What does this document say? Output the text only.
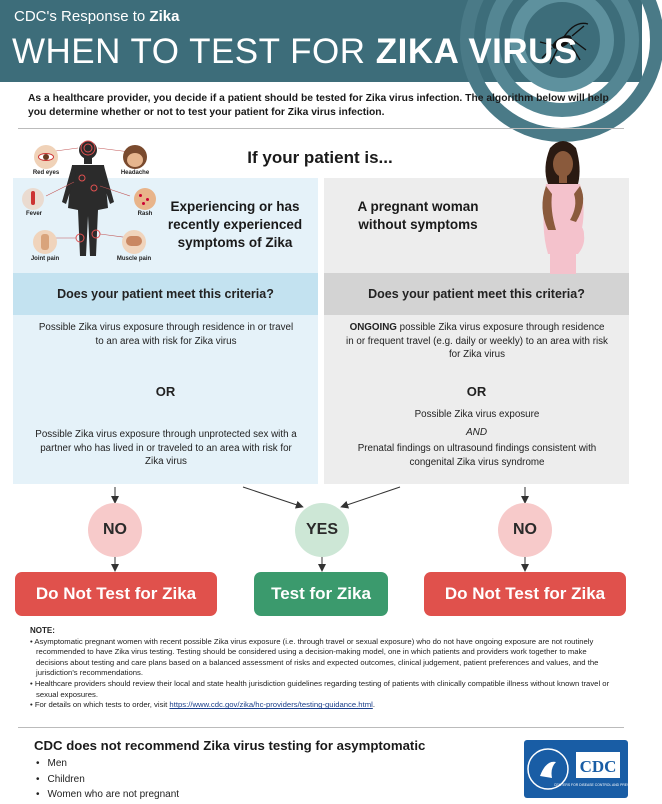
CDC's Response to Zika
WHEN TO TEST FOR ZIKA VIRUS
As a healthcare provider, you decide if a patient should be tested for Zika virus infection. The algorithm below will help you determine whether or not to test your patient for Zika virus infection.
Does your patient meet this criteria?
Possible Zika virus exposure through residence in or travel to an area with risk for Zika virus
OR
Possible Zika virus exposure through unprotected sex with a partner who has lived in or traveled to an area with risk for Zika virus
Does your patient meet this criteria?
ONGOING possible Zika virus exposure through residence in or frequent travel (e.g. daily or weekly) to an area with risk for Zika virus
OR
Possible Zika virus exposure
AND
Prenatal findings on ultrasound findings consistent with congenital Zika virus syndrome
Red eyes	Headache
Fever	Rash
Joint pain	Muscle pain
If your patient is...
Experiencing or has recently experienced symptoms of Zika
A pregnant woman without symptoms
NO	YES	NO
Do Not Test for Zika	Test for Zika	Do Not Test for Zika
NOTE:
• Asymptomatic pregnant women with recent possible Zika virus exposure (i.e. through travel or sexual exposure) who do not have ongoing exposure are not routinely recommended to have Zika virus testing. Testing should be considered using a decision-making model, one in which patients and providers work together to make decisions about testing and care plans based on a balanced assessment of risks and expected outcomes, clinical judgement, patient preferences and values, and the jurisdiction's recommendations.
• Healthcare providers should review their local and state health jurisdiction guidelines regarding testing of patients with clinically compatible illness without known travel or sexual exposures.
• For details on which tests to order, visit https://www.cdc.gov/zika/hc-providers/testing-guidance.html.
CDC does not recommend Zika virus testing for asymptomatic
• Men
• Children
• Women who are not pregnant
CDC
CENTERS FOR DISEASE CONTROL AND PREVENTION
